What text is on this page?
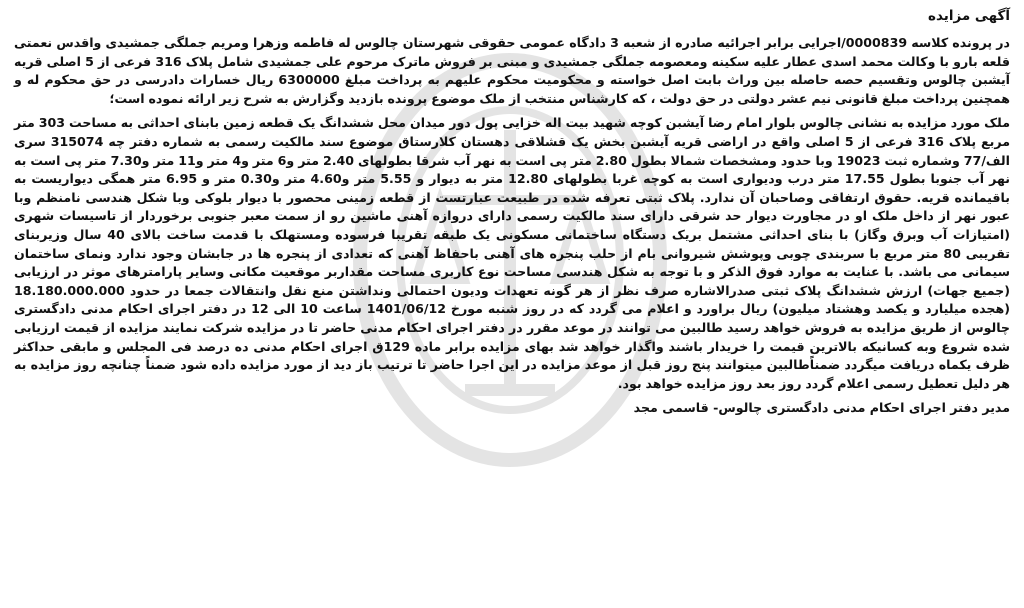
آگهی مزایده

در پرونده کلاسه 0000839/اجرایی برابر اجرائیه صادره از شعبه 3 دادگاه عمومی حقوقی شهرستان چالوس له فاطمه وزهرا ومریم جملگی جمشیدی واقدس نعمتی قلعه بارو با وکالت محمد اسدی عطار علیه سکینه ومعصومه جملگی جمشیدی و مبنی بر فروش ماترک مرحوم علی جمشیدی شامل پلاک 316 فرعی از 5 اصلی قریه آیشبن چالوس وتقسیم حصه حاصله بین وراث بابت اصل خواسته و محکومیت محکوم علیهم به پرداخت مبلغ 6300000 ریال خسارات دادرسی در حق محکوم له و همچنین پرداخت مبلغ قانونی نیم عشر دولتی در حق دولت ، که کارشناس منتخب از ملک موضوع پرونده بازدید وگزارش به شرح زیر ارائه نموده است؛

ملک مورد مزایده به نشانی چالوس بلوار امام رضا آیشبن کوچه شهید بیت اله خزایی پول دور میدان محل ششدانگ یک قطعه زمین بابنای احداثی به مساحت 303 متر مربع پلاک 316 فرعی از 5 اصلی واقع در اراضی قریه آیشبن بخش یک قشلاقی دهستان کلارستاق موضوع سند مالکیت رسمی به شماره دفتر چه 315074 سری الف/77 وشماره ثبت 19023 وبا حدود ومشخصات شمالا بطول 2.80 متر پی است به نهر آب شرقا بطولهای 2.40 متر و6 متر و4 متر و11 متر و7.30 متر پی است به نهر آب جنوبا بطول 17.55 متر درب وديواری است به کوچه غربا بطولهای 12.80 متر به دیوار و 5.55 متر و4.60 متر و0.30 متر و 6.95 متر همگی دیواریست به باقیمانده قریه. حقوق ارتفاقی وصاحبان آن ندارد. پلاک ثبتی تعرفه شده در طبیعت عبارتست از قطعه زمینی محصور با دیوار بلوکی وبا شکل هندسی نامنظم وبا عبور نهر از داخل ملک او در مجاورت دیوار حد شرقی دارای سند مالکیت رسمی دارای دروازه آهنی ماشین رو از سمت معبر جنوبی برخوردار از تاسیسات شهری (امتیازات آب وبرق وگاز) با بنای احداثی مشتمل بریک دستگاه ساختمانی مسکونی یک طبقه تقریبا فرسوده ومستهلک با قدمت ساخت بالای 40 سال وزیربنای تقریبی 80 متر مربع با سربندی چوبی وپوشش شیروانی بام از حلب پنجره های آهنی باحفاظ آهنی که تعدادی از پنجره ها در جابشان وجود ندارد ونمای ساختمان سیمانی می باشد. با عنایت به موارد فوق الذکر و با توجه به شکل هندسی مساحت نوع کاربری مساحت مقداربر موقعیت مکانی وسایر پارامترهای موثر در ارزیابی (جمیع جهات) ارزش ششدانگ پلاک ثبتی صدرالاشاره صرف نظر از هر گونه تعهدات ودیون احتمالی ونداشتن منع نقل وانتقالات جمعا در حدود 18.180.000.000 (هجده میلیارد و یکصد وهشتاد میلیون) ریال براورد و اعلام می گردد که در روز شنبه مورخ 1401/06/12 ساعت 10 الی 12 در دفتر اجرای احکام مدنی دادگستری چالوس از طریق مزایده به فروش خواهد رسید طالبین می توانند در موعد مقرر در دفتر اجرای احکام مدنی حاضر تا در مزایده شرکت نمایند مزایده از قیمت ارزیابی شده شروع وبه کسانیکه بالاترین قیمت را خریدار باشند واگذار خواهد شد بهای مزایده برابر ماده 129ق اجرای احکام مدنی ده درصد فی المجلس و مابقی حداکثر ظرف یکماه دریافت میگردد ضمناًطالبین میتوانند پنج روز قبل از موعد مزایده در این اجرا حاضر تا ترتیب باز دید از مورد مزایده داده شود ضمناً چنانچه روز مزایده به هر دلیل تعطیل رسمی اعلام گردد روز بعد روز مزایده خواهد بود.

مدیر دفتر اجرای احکام مدنی دادگستری چالوس- قاسمی مجد
